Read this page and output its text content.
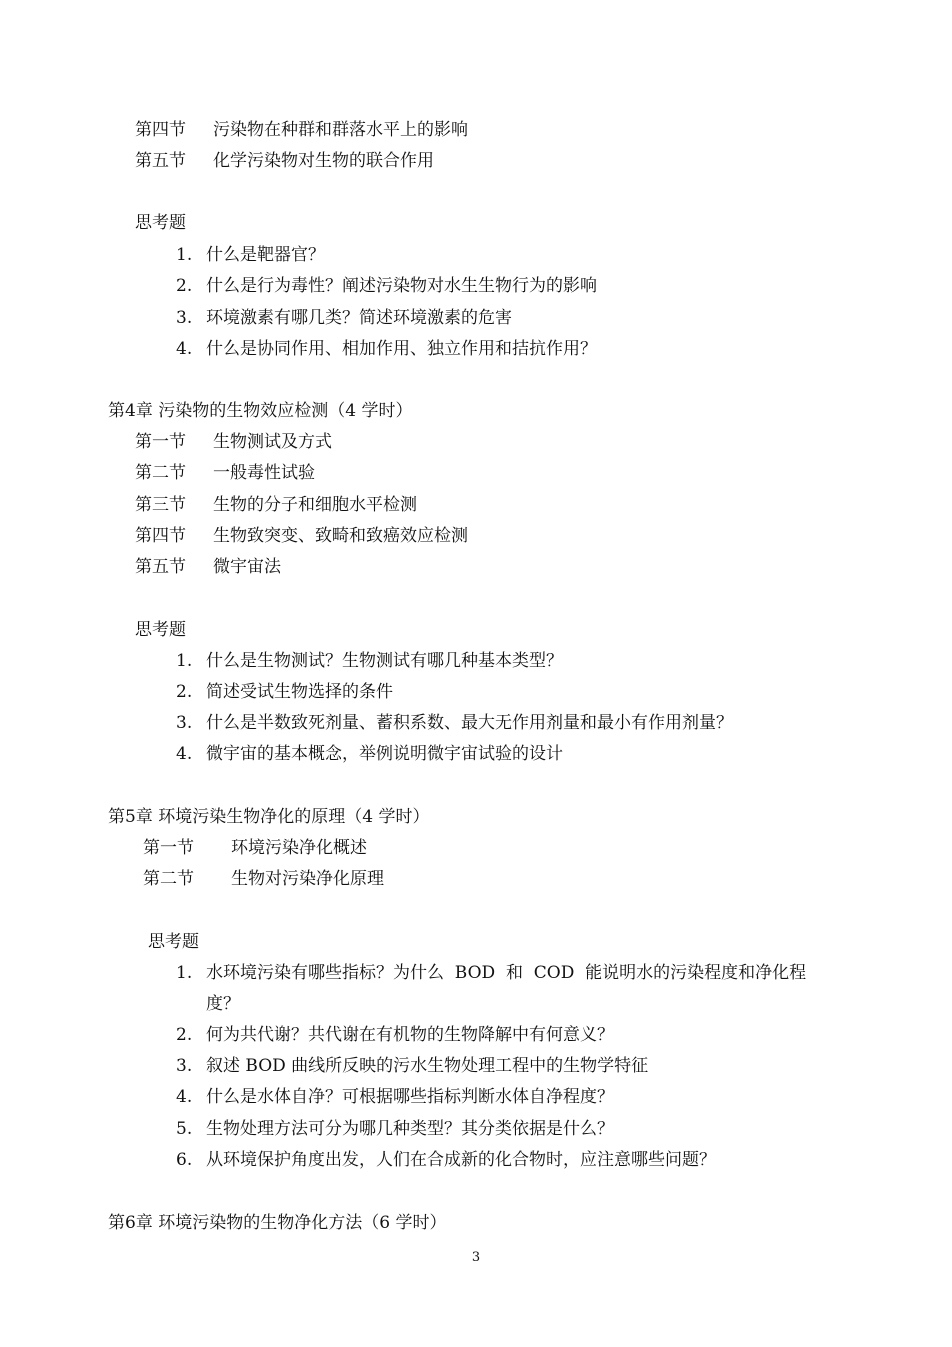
第四节 污染物在种群和群落水平上的影响
第五节 化学污染物对生物的联合作用
思考题
1. 什么是靶器官？
2. 什么是行为毒性？阐述污染物对水生生物行为的影响
3. 环境激素有哪几类？简述环境激素的危害
4. 什么是协同作用、相加作用、独立作用和拮抗作用？
第4章 污染物的生物效应检测（4 学时）
第一节 生物测试及方式
第二节 一般毒性试验
第三节 生物的分子和细胞水平检测
第四节 生物致突变、致畸和致癌效应检测
第五节 微宇宙法
思考题
1. 什么是生物测试？生物测试有哪几种基本类型？
2. 简述受试生物选择的条件
3. 什么是半数致死剂量、蓄积系数、最大无作用剂量和最小有作用剂量？
4. 微宇宙的基本概念，举例说明微宇宙试验的设计
第5章 环境污染生物净化的原理（4 学时）
第一节 环境污染净化概述
第二节 生物对污染净化原理
思考题
1. 水环境污染有哪些指标？为什么  BOD  和  COD  能说明水的污染程度和净化程
度？
2. 何为共代谢？共代谢在有机物的生物降解中有何意义？
3. 叙述 BOD 曲线所反映的污水生物处理工程中的生物学特征
4. 什么是水体自净？可根据哪些指标判断水体自净程度？
5. 生物处理方法可分为哪几种类型？其分类依据是什么？
6. 从环境保护角度出发，人们在合成新的化合物时，应注意哪些问题？
第6章 环境污染物的生物净化方法（6 学时）
3
